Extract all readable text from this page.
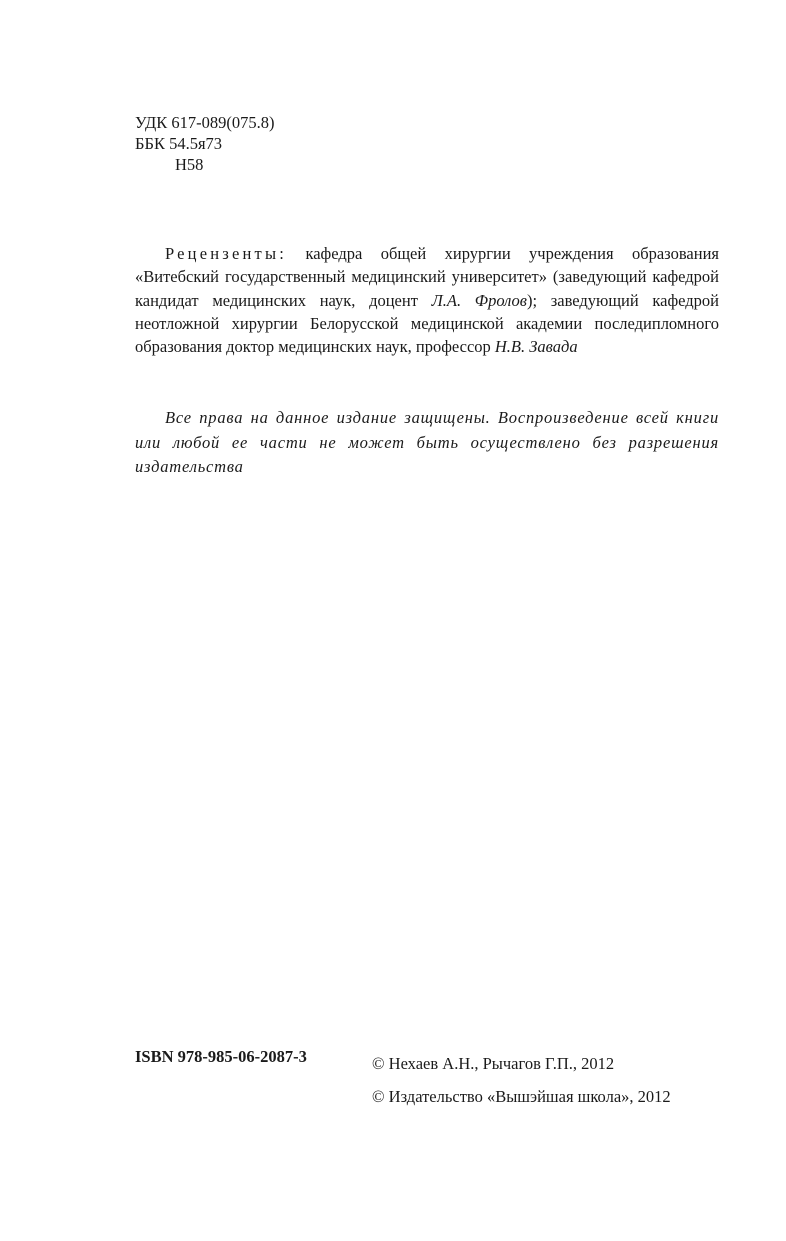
УДК 617-089(075.8)
ББК 54.5я73
Н58

Рецензенты: кафедра общей хирургии учреждения образования «Витебский государственный медицинский университет» (заведующий кафедрой кандидат медицинских наук, доцент Л.А. Фролов); заведующий кафедрой неотложной хирургии Белорусской медицинской академии последипломного образования доктор медицинских наук, профессор Н.В. Завада

Все права на данное издание защищены. Воспроизведение всей книги или любой ее части не может быть осуществлено без разрешения издательства

ISBN 978-985-06-2087-3	© Нехаев А.Н., Рычагов Г.П., 2012
© Издательство «Вышэйшая школа», 2012
